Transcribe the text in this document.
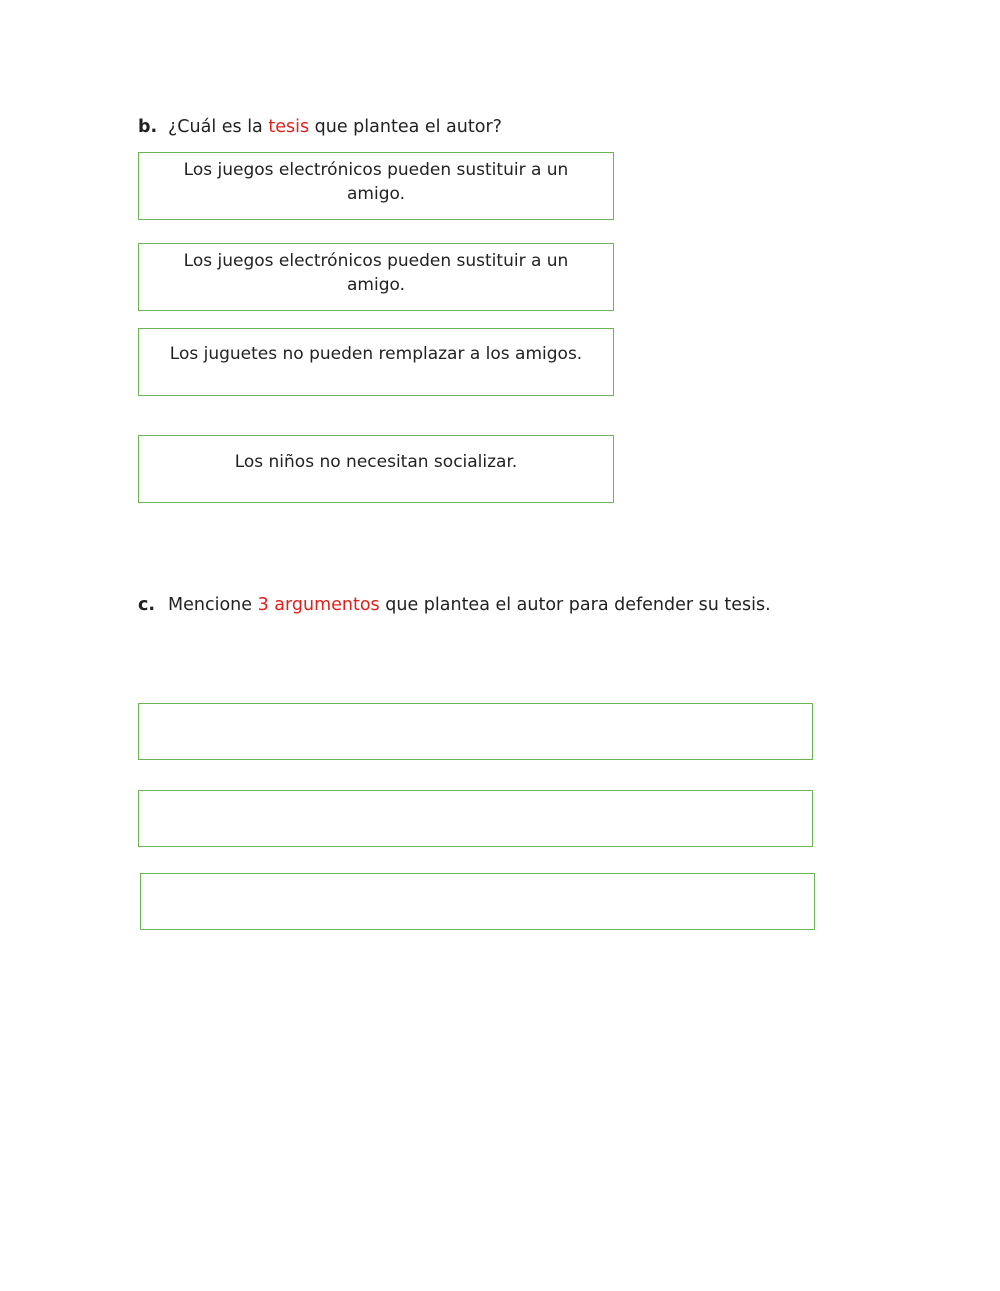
b. ¿Cuál es la tesis que plantea el autor?
Los juegos electrónicos pueden sustituir a un amigo.
Los juegos electrónicos pueden sustituir a un amigo.
Los juguetes no pueden remplazar a los amigos.
Los niños no necesitan socializar.
c. Mencione 3 argumentos que plantea el autor para defender su tesis.
